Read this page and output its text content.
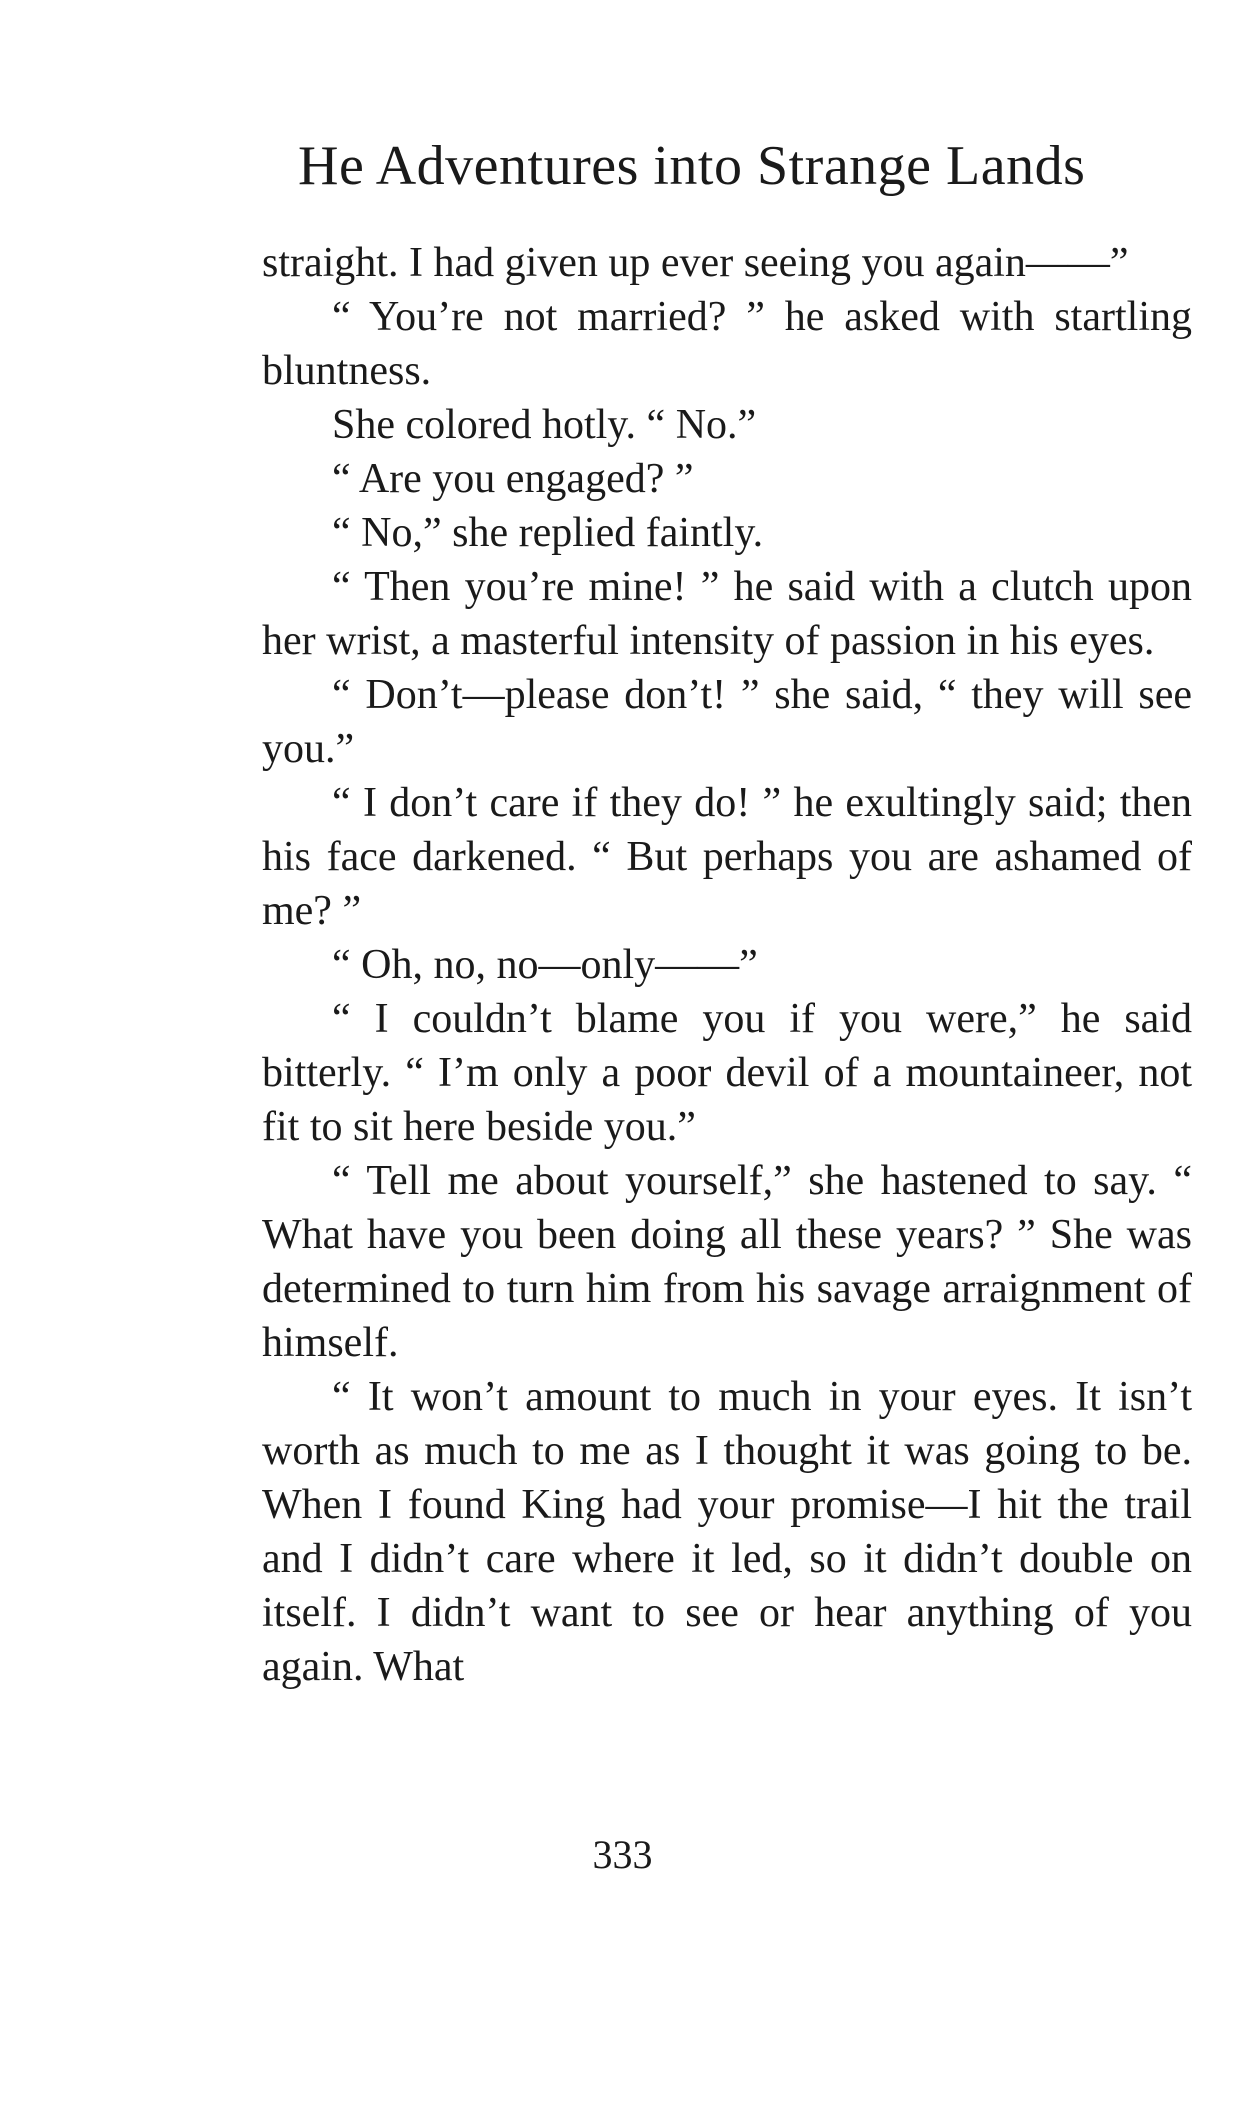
He Adventures into Strange Lands

straight. I had given up ever seeing you again——”

“ You’re not married? ” he asked with startling bluntness.

She colored hotly. “ No.”

“ Are you engaged? ”

“ No,” she replied faintly.

“ Then you’re mine! ” he said with a clutch upon her wrist, a masterful intensity of passion in his eyes.

“ Don’t—please don’t! ” she said, “ they will see you.”

“ I don’t care if they do! ” he exultingly said; then his face darkened. “ But perhaps you are ashamed of me? ”

“ Oh, no, no—only——”

“ I couldn’t blame you if you were,” he said bitterly. “ I’m only a poor devil of a mountaineer, not fit to sit here beside you.”

“ Tell me about yourself,” she hastened to say. “ What have you been doing all these years? ” She was determined to turn him from his savage arraignment of himself.

“ It won’t amount to much in your eyes. It isn’t worth as much to me as I thought it was going to be. When I found King had your promise—I hit the trail and I didn’t care where it led, so it didn’t double on itself. I didn’t want to see or hear anything of you again. What

333
